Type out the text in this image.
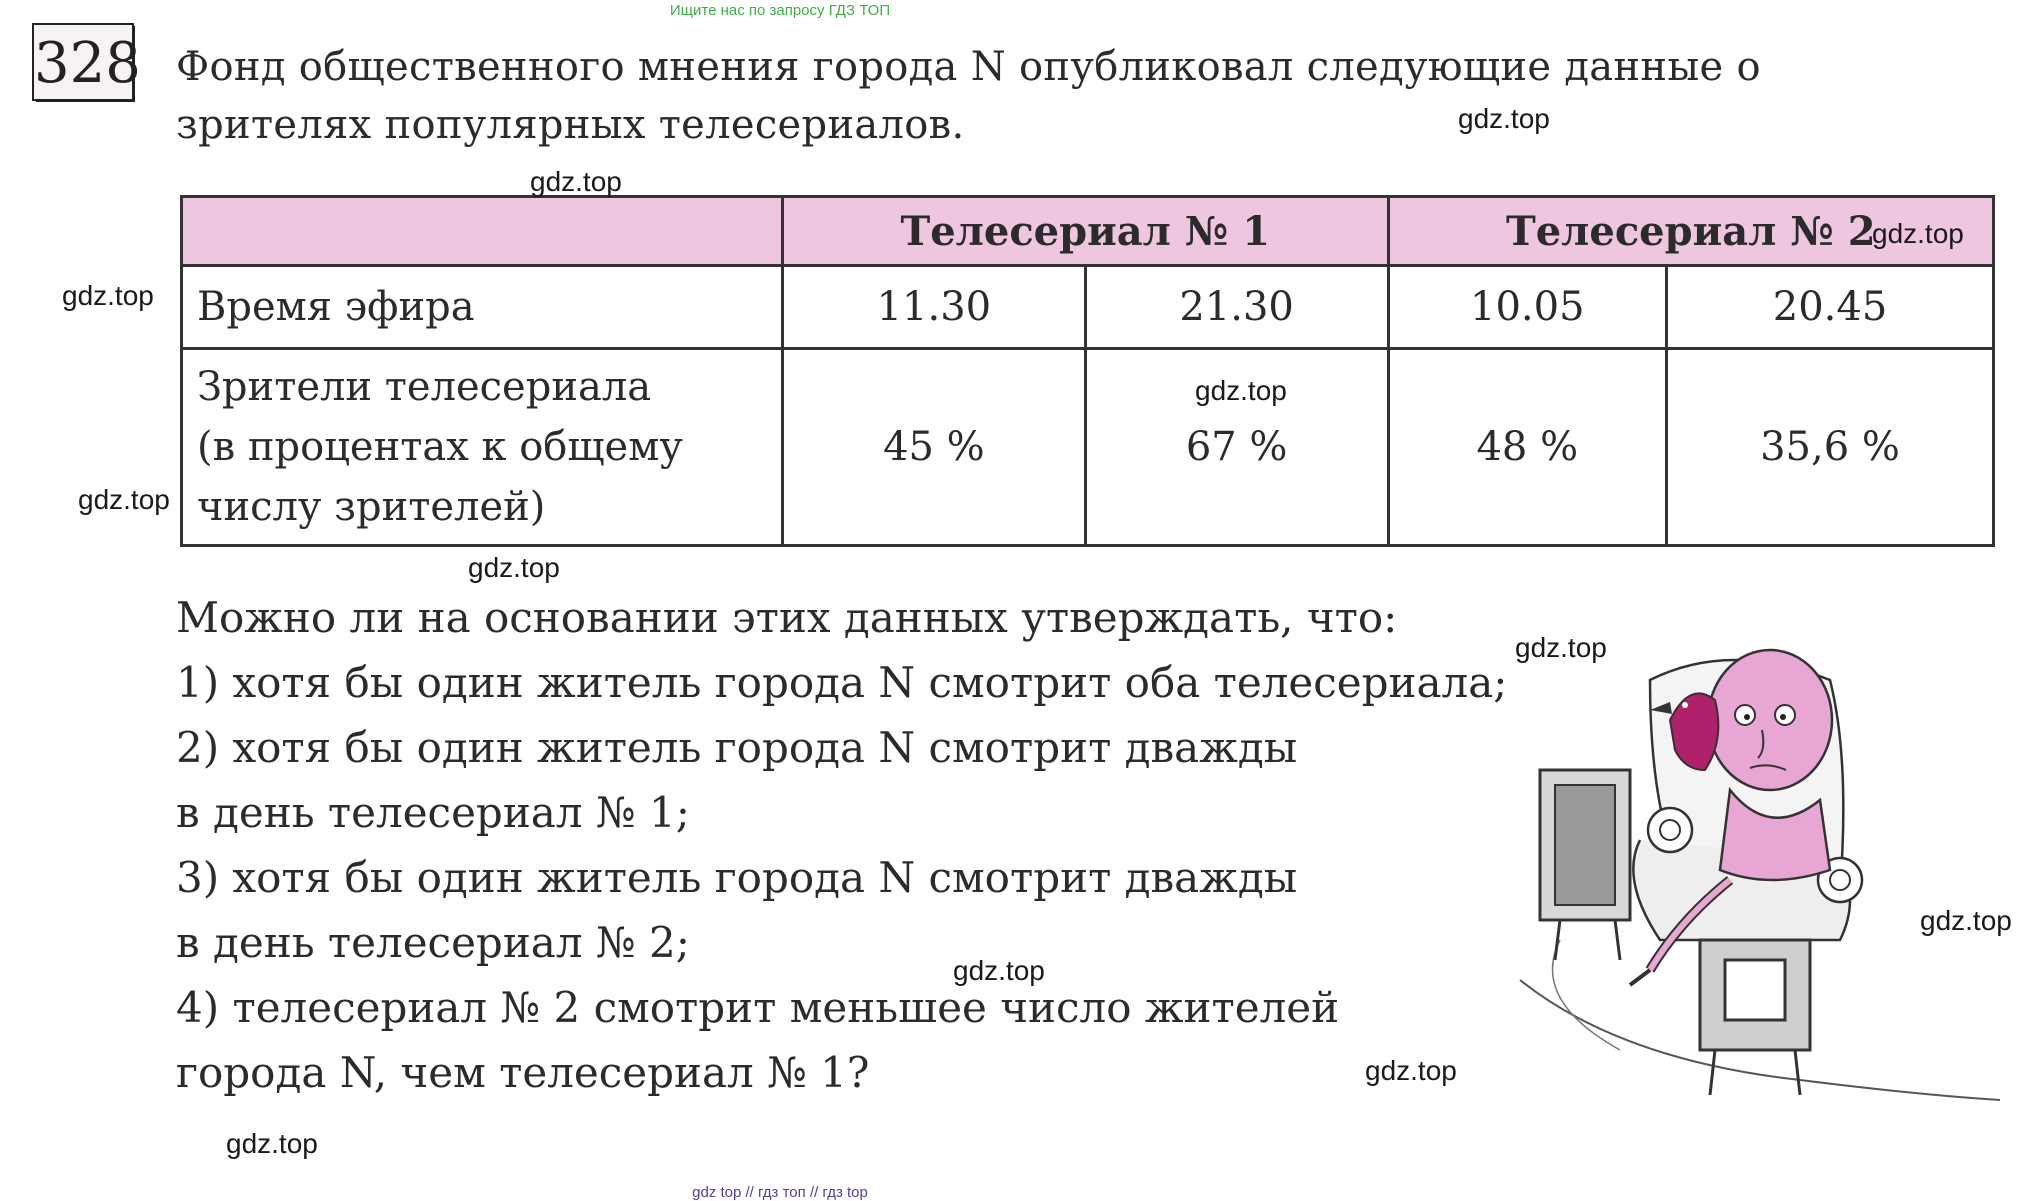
Ищите нас по запросу ГДЗ ТОП
328 Фонд общественного мнения города N опубликовал следующие данные о
зрителях популярных телесериалов.
	Телесериал № 1		Телесериал № 2	
Время эфира	11.30	21.30	10.05	20.45

Зрители телесериала
(в процентах к общему
числу зрителей)	45 %	67 %	48 %	35,6 %

Можно ли на основании этих данных утверждать, что:

1) хотя бы один житель города N смотрит оба телесериала;

2) хотя бы один житель города N смотрит дважды

в день телесериал № 1;

3) хотя бы один житель города N смотрит дважды

в день телесериал № 2;

4) телесериал № 2 смотрит меньшее число жителей

города N, чем телесериал № 1?

gdz.top
gdz.top
gdz.top
gdz.top
gdz.top
gdz.top
gdz.top
gdz.top
gdz.top
gdz.top
gdz.top
gdz.top
gdz top // гдз топ // гдз top
